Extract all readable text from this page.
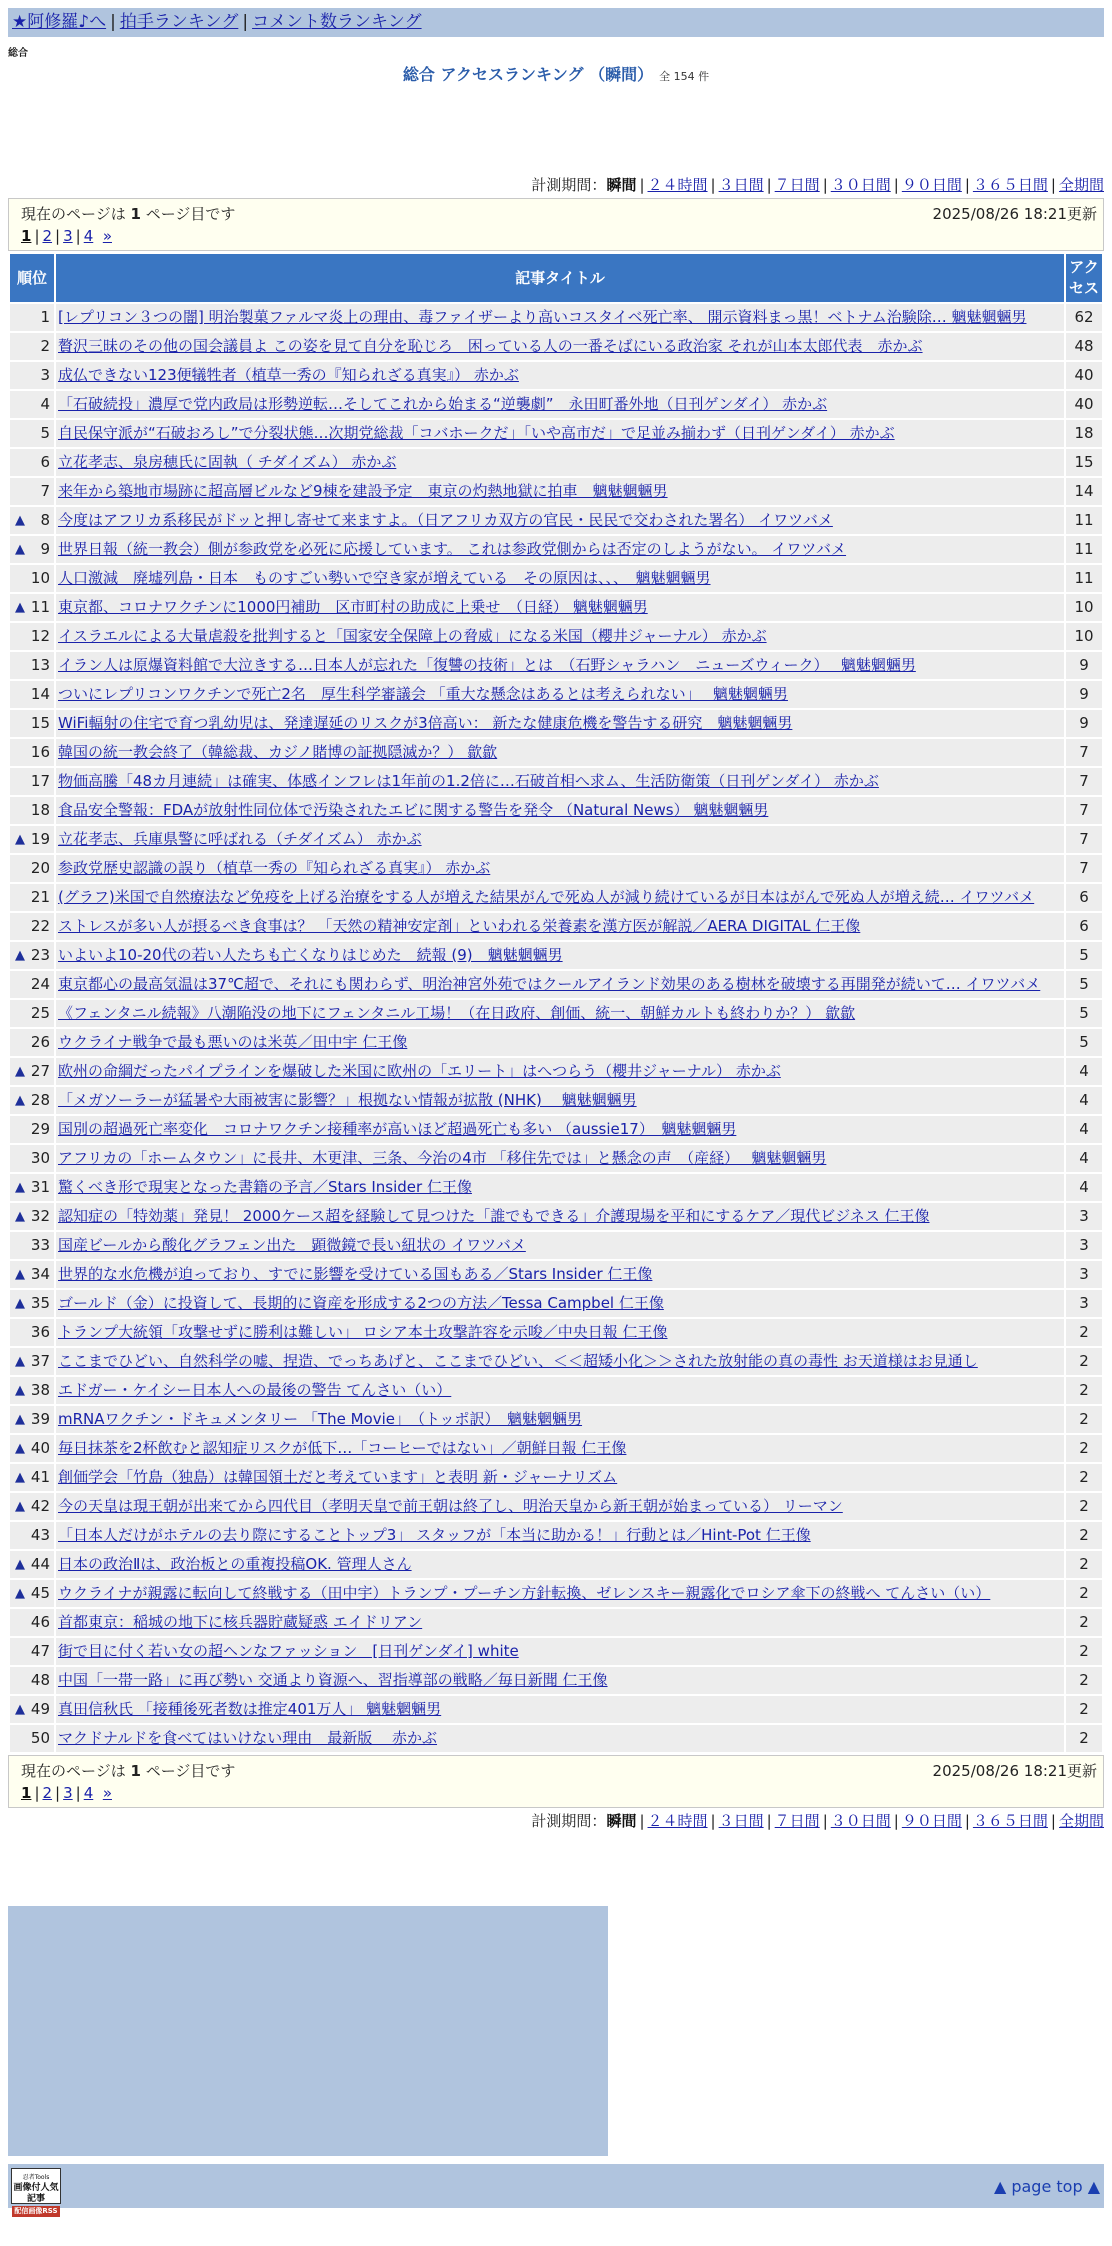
★阿修羅♪へ | 拍手ランキング | コメント数ランキング
総合
総合 アクセスランキング （瞬間） 全 154 件
計測期間：瞬間 | ２４時間 | ３日間 | ７日間 | ３０日間 | ９０日間 | ３６５日間 | 全期間
現在のページは 1 ページ目です	2025/08/26 18:21更新

1 | 2 | 3 | 4 »
順位	記事タイトル	アクセス
1	[レプリコン３つの闇] 明治製菓ファルマ炎上の理由、毒ファイザーより高いコスタイベ死亡率、 開示資料まっ黒！ベトナム治験除… 魑魅魍魎男	62
2	贅沢三昧のその他の国会議員よ この姿を見て自分を恥じろ　困っている人の一番そばにいる政治家 それが山本太郎代表　赤かぶ	48
3	成仏できない123便犠牲者（植草一秀の『知られざる真実』） 赤かぶ	40
4	「石破続投」濃厚で党内政局は形勢逆転…そしてこれから始まる“逆襲劇”　永田町番外地（日刊ゲンダイ） 赤かぶ	40
5	自民保守派が“石破おろし”で分裂状態…次期党総裁「コバホークだ」「いや高市だ」で足並み揃わず（日刊ゲンダイ） 赤かぶ	18
6	立花孝志、泉房穂氏に固執（ チダイズム） 赤かぶ	15
7	来年から築地市場跡に超高層ビルなど9棟を建設予定　東京の灼熱地獄に拍車　魑魅魍魎男	14

▲ 8	今度はアフリカ系移民がドッと押し寄せて来ますよ。（日アフリカ双方の官民・民民で交わされた署名） イワツバメ	11

▲ 9	世界日報（統一教会）側が参政党を必死に応援しています。 これは参政党側からは否定のしようがない。 イワツバメ	11
10	人口激減　廃墟列島・日本　ものすごい勢いで空き家が増えている　その原因は、、、　魑魅魍魎男	11

▲ 11	東京都、コロナワクチンに1000円補助　区市町村の助成に上乗せ　（日経） 魑魅魍魎男	10
12	イスラエルによる大量虐殺を批判すると「国家安全保障上の脅威」になる米国（櫻井ジャーナル） 赤かぶ	10
13	イラン人は原爆資料館で大泣きする…日本人が忘れた「復讐の技術」とは　（石野シャラハン　ニューズウィーク）　 魑魅魍魎男	9
14	ついにレプリコンワクチンで死亡2名　厚生科学審議会 「重大な懸念はあるとは考えられない」　 魑魅魍魎男	9
15	WiFi輻射の住宅で育つ乳幼児は、発達遅延のリスクが3倍高い： 新たな健康危機を警告する研究　魑魅魍魎男	9
16	韓国の統一教会終了（韓総裁、カジノ賭博の証拠隠滅か？） 歙歙	7
17	物価高騰「48カ月連続」は確実、体感インフレは1年前の1.2倍に…石破首相へ求ム、生活防衛策（日刊ゲンダイ） 赤かぶ	7
18	食品安全警報：FDAが放射性同位体で汚染されたエビに関する警告を発令 （Natural News） 魑魅魍魎男	7

▲ 19	立花孝志、兵庫県警に呼ばれる（チダイズム） 赤かぶ	7
20	参政党歴史認識の誤り（植草一秀の『知られざる真実』） 赤かぶ	7
21	(グラフ)米国で自然療法など免疫を上げる治療をする人が増えた結果がんで死ぬ人が減り続けているが日本はがんで死ぬ人が増え続… イワツバメ	6
22	ストレスが多い人が摂るべき食事は？ 「天然の精神安定剤」といわれる栄養素を漢方医が解説／AERA DIGITAL 仁王像	6

▲ 23	いよいよ10-20代の若い人たちも亡くなりはじめた　続報 (9)　魑魅魍魎男	5
24	東京都心の最高気温は37℃超で、それにも関わらず、明治神宮外苑ではクールアイランド効果のある樹林を破壊する再開発が続いて… イワツバメ	5
25	《フェンタニル続報》八潮陥没の地下にフェンタニル工場！（在日政府、創価、統一、朝鮮カルトも終わりか？） 歙歙	5
26	ウクライナ戦争で最も悪いのは米英／田中宇 仁王像	5

▲ 27	欧州の命綱だったパイプラインを爆破した米国に欧州の「エリート」はへつらう（櫻井ジャーナル） 赤かぶ	4

▲ 28	「メガソーラーが猛暑や大雨被害に影響？」根拠ない情報が拡散 (NHK)　 魑魅魍魎男	4
29	国別の超過死亡率変化　コロナワクチン接種率が高いほど超過死亡も多い （aussie17）　魑魅魍魎男	4
30	アフリカの「ホームタウン」に長井、木更津、三条、今治の4市 「移住先では」と懸念の声　（産経）　 魑魅魍魎男	4

▲ 31	驚くべき形で現実となった書籍の予言／Stars Insider 仁王像	4

▲ 32	認知症の「特効薬」発見！ 2000ケース超を経験して見つけた「誰でもできる」介護現場を平和にするケア／現代ビジネス 仁王像	3
33	国産ビールから酸化グラフェン出た　顕微鏡で長い紐状の イワツバメ	3

▲ 34	世界的な水危機が迫っており、すでに影響を受けている国もある／Stars Insider 仁王像	3

▲ 35	ゴールド（金）に投資して、長期的に資産を形成する2つの方法／Tessa Campbel 仁王像	3
36	トランプ大統領「攻撃せずに勝利は難しい」 ロシア本土攻撃許容を示唆／中央日報 仁王像	2

▲ 37	ここまでひどい、自然科学の嘘、捏造、でっちあげと、ここまでひどい、＜＜超矮小化＞＞された放射能の真の毒性 お天道様はお見通し	2

▲ 38	エドガー・ケイシー日本人への最後の警告 てんさい（い）	2

▲ 39	mRNAワクチン・ドキュメンタリー 「The Movie」　（トッポ訳）　魑魅魍魎男	2

▲ 40	毎日抹茶を2杯飲むと認知症リスクが低下…「コーヒーではない」／朝鮮日報 仁王像	2

▲ 41	創価学会「竹島（独島）は韓国領土だと考えています」と表明 新・ジャーナリズム	2

▲ 42	今の天皇は現王朝が出来てから四代目（孝明天皇で前王朝は終了し、明治天皇から新王朝が始まっている） リーマン	2
43	「日本人だけがホテルの去り際にすることトップ3」 スタッフが「本当に助かる！」行動とは／Hint-Pot 仁王像	2

▲ 44	日本の政治Ⅱは、政治板との重複投稿OK. 管理人さん	2

▲ 45	ウクライナが親露に転向して終戦する（田中宇）トランプ・プーチン方針転換、ゼレンスキー親露化でロシア傘下の終戦へ てんさい（い）	2
46	首都東京：稲城の地下に核兵器貯蔵疑惑 エイドリアン	2
47	街で目に付く若い女の超ヘンなファッション　[日刊ゲンダイ] white	2
48	中国「一帯一路」に再び勢い 交通より資源へ、習指導部の戦略／毎日新聞 仁王像	2

▲ 49	真田信秋氏 「接種後死者数は推定401万人」 魑魅魍魎男	2
50	マクドナルドを食べてはいけない理由　最新版　 赤かぶ	2
現在のページは 1 ページ目です	2025/08/26 18:21更新

1 | 2 | 3 | 4 »
計測期間：瞬間 | ２４時間 | ３日間 | ７日間 | ３０日間 | ９０日間 | ３６５日間 | 全期間
忍者Tools
画像付人気記事
配信画像RSS
▲ page top ▲
